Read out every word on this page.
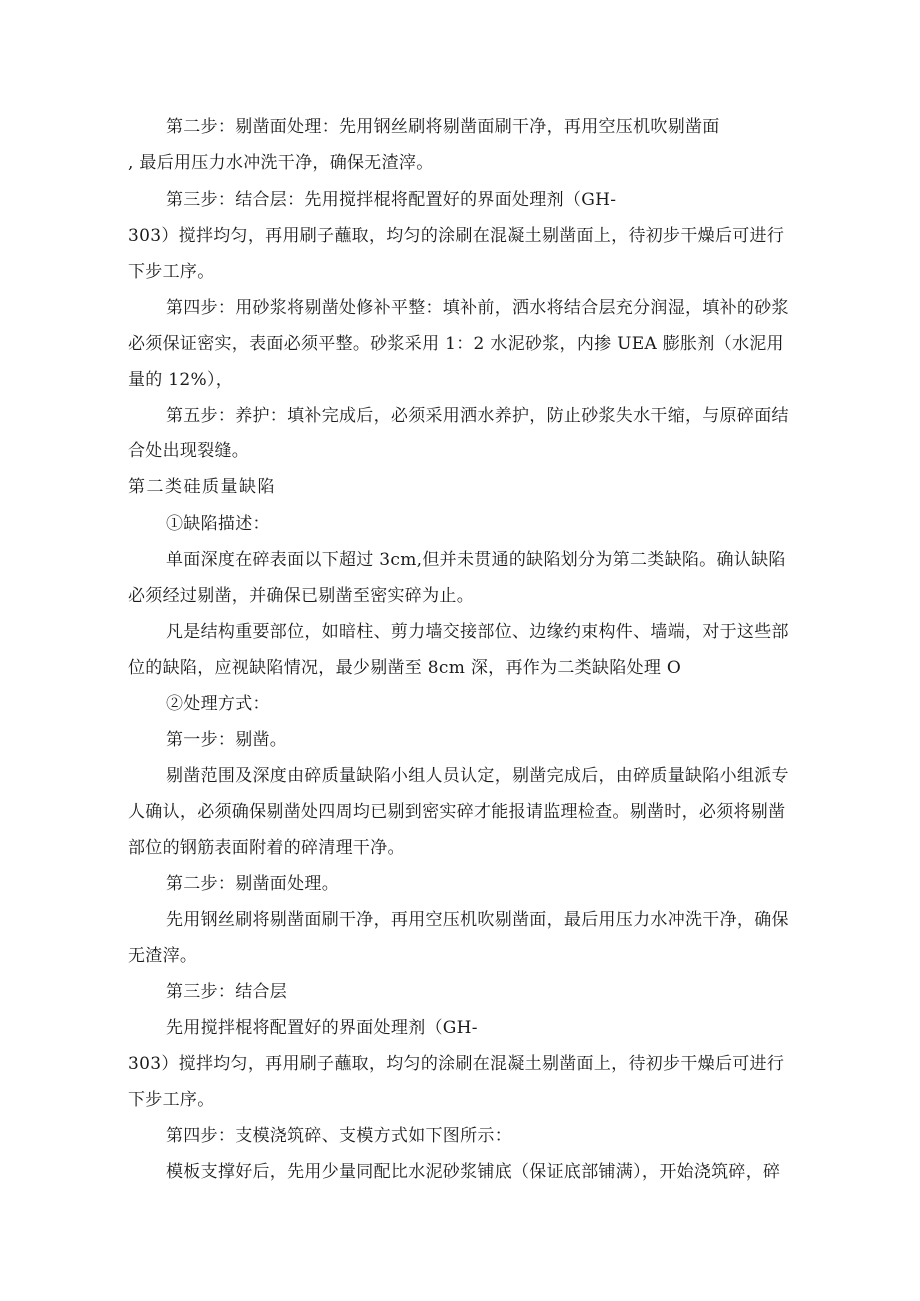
第二步：剔凿面处理：先用钢丝刷将剔凿面刷干净，再用空压机吹剔凿面
, 最后用压力水冲洗干净，确保无渣滓。
第三步：结合层：先用搅拌棍将配置好的界面处理剂（GH-
303）搅拌均匀，再用刷子蘸取，均匀的涂刷在混凝土剔凿面上，待初步干燥后可进行
下步工序。
第四步：用砂浆将剔凿处修补平整：填补前，洒水将结合层充分润湿，填补的砂浆
必须保证密实，表面必须平整。砂浆采用 1：2 水泥砂浆，内掺 UEA 膨胀剂（水泥用
量的 12%），
第五步：养护：填补完成后，必须采用洒水养护，防止砂浆失水干缩，与原碎面结
合处出现裂缝。
第二类硅质量缺陷
①缺陷描述：
单面深度在碎表面以下超过 3cm,但并未贯通的缺陷划分为第二类缺陷。确认缺陷
必须经过剔凿，并确保已剔凿至密实碎为止。
凡是结构重要部位，如暗柱、剪力墙交接部位、边缘约束构件、墙端，对于这些部
位的缺陷，应视缺陷情况，最少剔凿至 8cm 深，再作为二类缺陷处理 O
②处理方式：
第一步：剔凿。
剔凿范围及深度由碎质量缺陷小组人员认定，剔凿完成后，由碎质量缺陷小组派专
人确认，必须确保剔凿处四周均已剔到密实碎才能报请监理检查。剔凿时，必须将剔凿
部位的钢筋表面附着的碎清理干净。
第二步：剔凿面处理。
先用钢丝刷将剔凿面刷干净，再用空压机吹剔凿面，最后用压力水冲洗干净，确保
无渣滓。
第三步：结合层
先用搅拌棍将配置好的界面处理剂（GH-
303）搅拌均匀，再用刷子蘸取，均匀的涂刷在混凝土剔凿面上，待初步干燥后可进行
下步工序。
第四步：支模浇筑碎、支模方式如下图所示：
模板支撑好后，先用少量同配比水泥砂浆铺底（保证底部铺满），开始浇筑碎，碎
